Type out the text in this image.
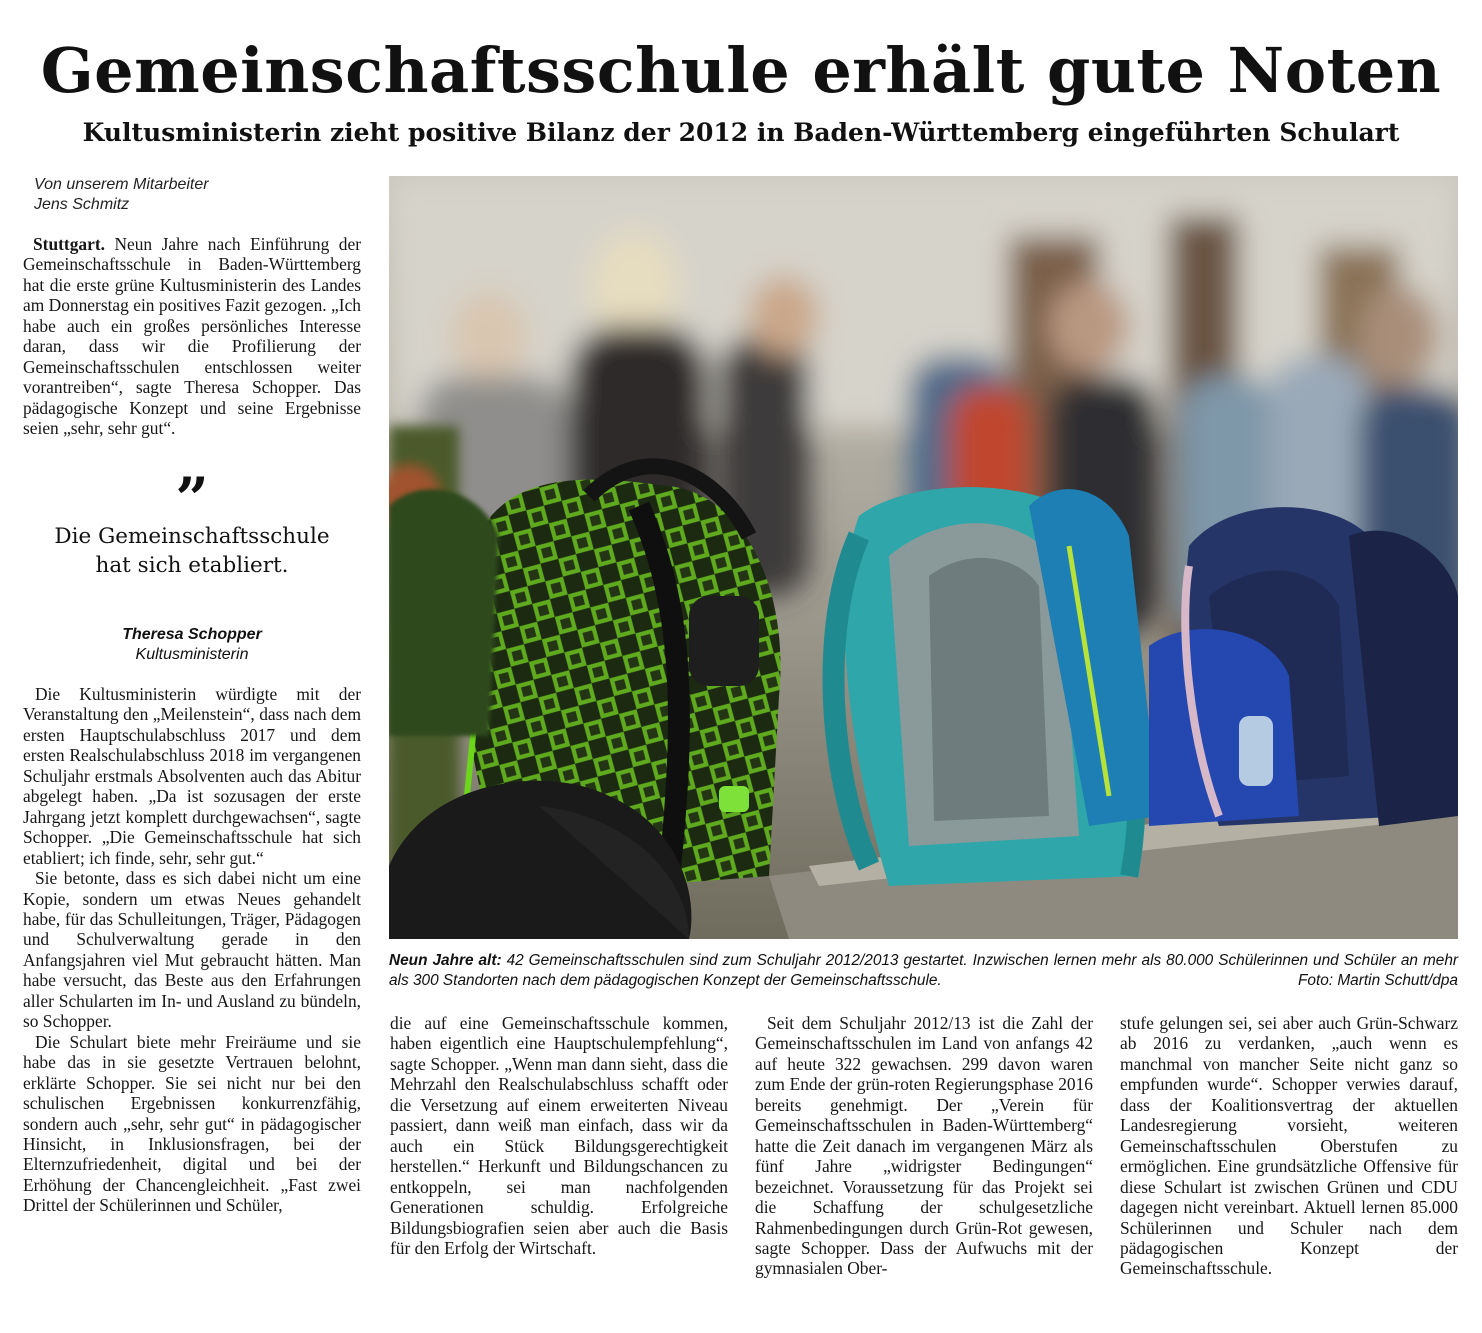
Gemeinschaftsschule erhält gute Noten
Kultusministerin zieht positive Bilanz der 2012 in Baden-Württemberg eingeführten Schulart
Von unserem Mitarbeiter
Jens Schmitz

Stuttgart. Neun Jahre nach Einführung der Gemeinschaftsschule in Baden-Württemberg hat die erste grüne Kultusministerin des Landes am Donnerstag ein positives Fazit gezogen. „Ich habe auch ein großes persönliches Interesse daran, dass wir die Profilierung der Gemeinschaftsschulen entschlossen weiter vorantreiben“, sagte Theresa Schopper. Das pädagogische Konzept und seine Ergebnisse seien „sehr, sehr gut“.

”
Die Gemeinschaftsschule hat sich etabliert.
Theresa Schopper
Kultusministerin

Die Kultusministerin würdigte mit der Veranstaltung den „Meilenstein“, dass nach dem ersten Hauptschulabschluss 2017 und dem ersten Realschulabschluss 2018 im vergangenen Schuljahr erstmals Absolventen auch das Abitur abgelegt haben. „Da ist sozusagen der erste Jahrgang jetzt komplett durchgewachsen“, sagte Schopper. „Die Gemeinschaftsschule hat sich etabliert; ich finde, sehr, sehr gut.“

Sie betonte, dass es sich dabei nicht um eine Kopie, sondern um etwas Neues gehandelt habe, für das Schulleitungen, Träger, Pädagogen und Schulverwaltung gerade in den Anfangsjahren viel Mut gebraucht hätten. Man habe versucht, das Beste aus den Erfahrungen aller Schularten im In- und Ausland zu bündeln, so Schopper.

Die Schulart biete mehr Freiräume und sie habe das in sie gesetzte Vertrauen belohnt, erklärte Schopper. Sie sei nicht nur bei den schulischen Ergebnissen konkurrenzfähig, sondern auch „sehr, sehr gut“ in pädagogischer Hinsicht, in Inklusionsfragen, bei der Elternzufriedenheit, digital und bei der Erhöhung der Chancengleichheit. „Fast zwei Drittel der Schülerinnen und Schüler,

Neun Jahre alt: 42 Gemeinschaftsschulen sind zum Schuljahr 2012/2013 gestartet. Inzwischen lernen mehr als 80.000 Schülerinnen und Schüler an mehr als 300 Standorten nach dem pädagogischen Konzept der Gemeinschaftsschule.	Foto: Martin Schutt/dpa

die auf eine Gemeinschaftsschule kommen, haben eigentlich eine Hauptschulempfehlung“, sagte Schopper. „Wenn man dann sieht, dass die Mehrzahl den Realschulabschluss schafft oder die Versetzung auf einem erweiterten Niveau passiert, dann weiß man einfach, dass wir da auch ein Stück Bildungsgerechtigkeit herstellen.“ Herkunft und Bildungschancen zu entkoppeln, sei man nachfolgenden Generationen schuldig. Erfolgreiche Bildungsbiografien seien aber auch die Basis für den Erfolg der Wirtschaft.

Seit dem Schuljahr 2012/13 ist die Zahl der Gemeinschaftsschulen im Land von anfangs 42 auf heute 322 gewachsen. 299 davon waren zum Ende der grün-roten Regierungsphase 2016 bereits genehmigt. Der „Verein für Gemeinschaftsschulen in Baden-Württemberg“ hatte die Zeit danach im vergangenen März als fünf Jahre „widrigster Bedingungen“ bezeichnet. Voraussetzung für das Projekt sei die Schaffung der schulgesetzliche Rahmenbedingungen durch Grün-Rot gewesen, sagte Schopper. Dass der Aufwuchs mit der gymnasialen Ober-

stufe gelungen sei, sei aber auch Grün-Schwarz ab 2016 zu verdanken, „auch wenn es manchmal von mancher Seite nicht ganz so empfunden wurde“. Schopper verwies darauf, dass der Koalitionsvertrag der aktuellen Landesregierung vorsieht, weiteren Gemeinschaftsschulen Oberstufen zu ermöglichen. Eine grundsätzliche Offensive für diese Schulart ist zwischen Grünen und CDU dagegen nicht vereinbart. Aktuell lernen 85.000 Schülerinnen und Schuler nach dem pädagogischen Konzept der Gemeinschaftsschule.
